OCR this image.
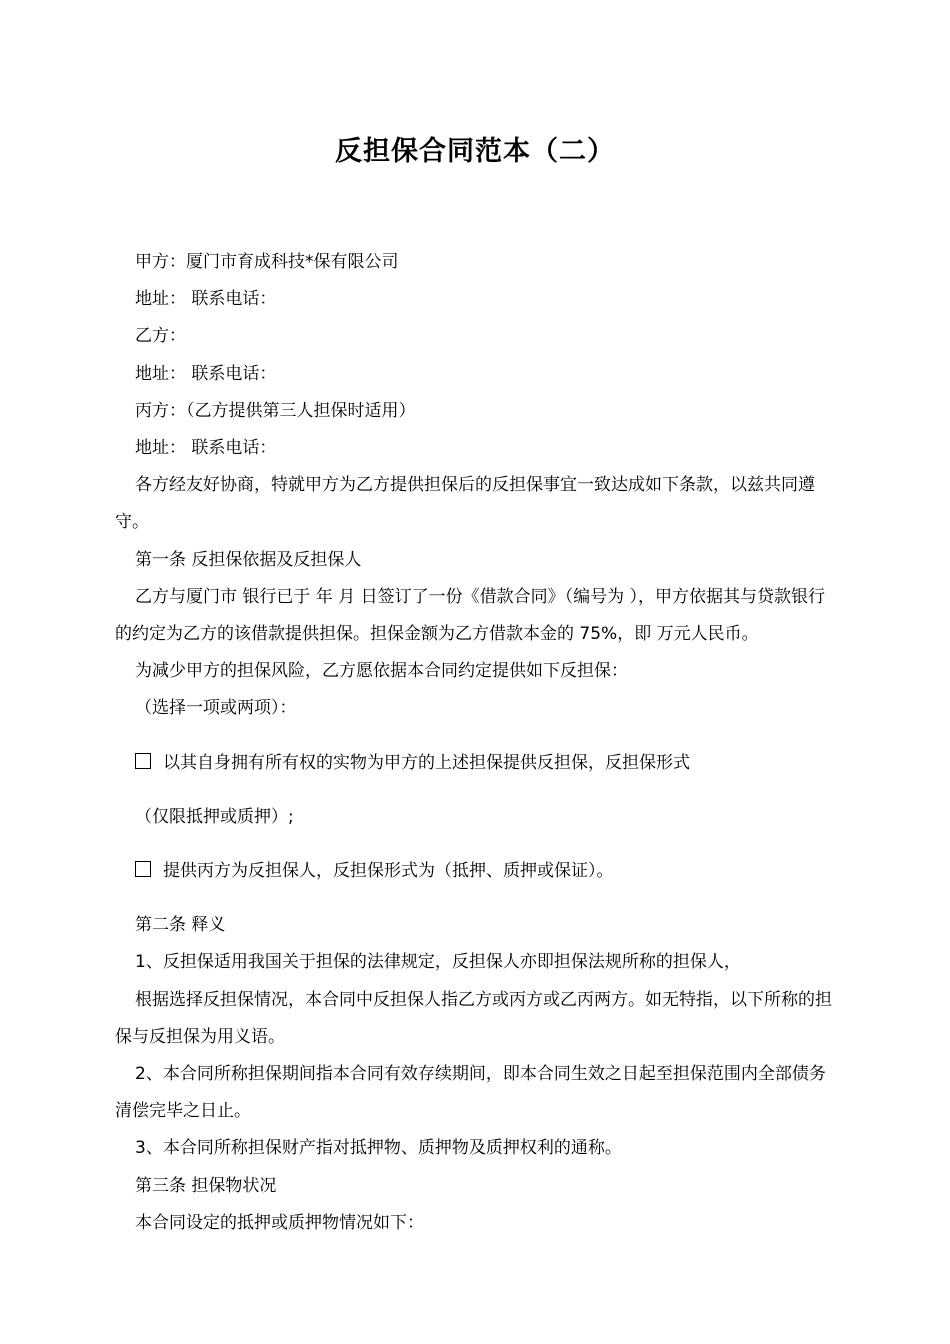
反担保合同范本（二）

甲方：厦门市育成科技*保有限公司

地址： 联系电话：

乙方：

地址： 联系电话：

丙方：（乙方提供第三人担保时适用）

地址： 联系电话：

各方经友好协商，特就甲方为乙方提供担保后的反担保事宜一致达成如下条款，以兹共同遵守。

第一条 反担保依据及反担保人

乙方与厦门市 银行已于 年 月 日签订了一份《借款合同》（编号为 ），甲方依据其与贷款银行的约定为乙方的该借款提供担保。担保金额为乙方借款本金的 75%，即 万元人民币。

为减少甲方的担保风险，乙方愿依据本合同约定提供如下反担保：

（选择一项或两项）：

以其自身拥有所有权的实物为甲方的上述担保提供反担保，反担保形式

（仅限抵押或质押）;

提供丙方为反担保人，反担保形式为（抵押、质押或保证）。

第二条 释义

1、反担保适用我国关于担保的法律规定，反担保人亦即担保法规所称的担保人，

根据选择反担保情况，本合同中反担保人指乙方或丙方或乙丙两方。如无特指，以下所称的担保与反担保为用义语。

2、本合同所称担保期间指本合同有效存续期间，即本合同生效之日起至担保范围内全部债务清偿完毕之日止。

3、本合同所称担保财产指对抵押物、质押物及质押权利的通称。

第三条 担保物状况

本合同设定的抵押或质押物情况如下：
